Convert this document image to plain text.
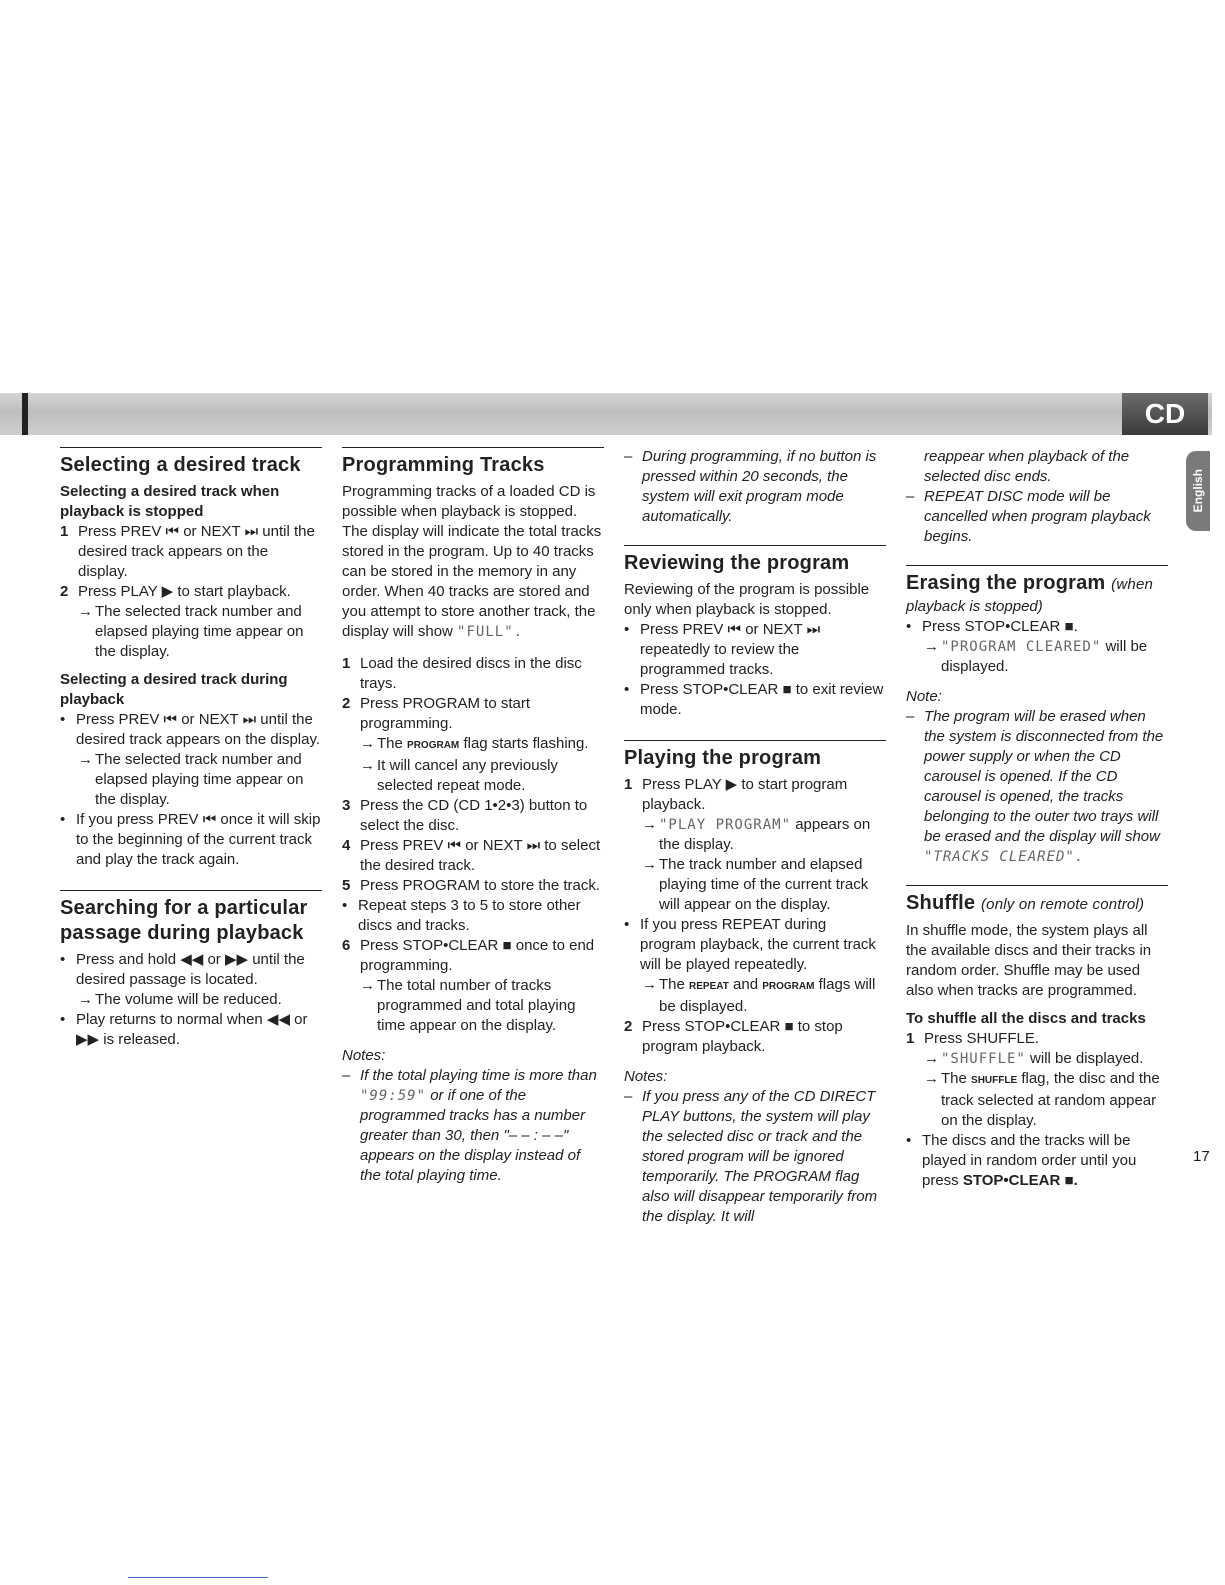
CD
English
Selecting a desired track
Selecting a desired track when playback is stopped
1 Press PREV ⏮ or NEXT ⏭ until the desired track appears on the display.
2 Press PLAY ▶ to start playback.
→ The selected track number and elapsed playing time appear on the display.
Selecting a desired track during playback
• Press PREV ⏮ or NEXT ⏭ until the desired track appears on the display.
→ The selected track number and elapsed playing time appear on the display.
• If you press PREV ⏮ once it will skip to the beginning of the current track and play the track again.
Searching for a particular passage during playback
• Press and hold ◀◀ or ▶▶ until the desired passage is located.
→ The volume will be reduced.
• Play returns to normal when ◀◀ or ▶▶ is released.
Programming Tracks

Programming tracks of a loaded CD is possible when playback is stopped. The display will indicate the total tracks stored in the program. Up to 40 tracks can be stored in the memory in any order. When 40 tracks are stored and you attempt to store another track, the display will show "FULL".

1 Load the desired discs in the disc trays.
2 Press PROGRAM to start programming.
→ The PROGRAM flag starts flashing.
→ It will cancel any previously selected repeat mode.
3 Press the CD (CD 1•2•3) button to select the disc.
4 Press PREV ⏮ or NEXT ⏭ to select the desired track.
5 Press PROGRAM to store the track.
• Repeat steps 3 to 5 to store other discs and tracks.
6 Press STOP•CLEAR ■ once to end programming.
→ The total number of tracks programmed and total playing time appear on the display.
Notes:
– If the total playing time is more than "99:59" or if one of the programmed tracks has a number greater than 30, then "– – : – –" appears on the display instead of the total playing time.
– During programming, if no button is pressed within 20 seconds, the system will exit program mode automatically.
Reviewing the program

Reviewing of the program is possible only when playback is stopped.

• Press PREV ⏮ or NEXT ⏭ repeatedly to review the programmed tracks.
• Press STOP•CLEAR ■ to exit review mode.
Playing the program
1 Press PLAY ▶ to start program playback.
→ "PLAY PROGRAM" appears on the display.
→ The track number and elapsed playing time of the current track will appear on the display.
• If you press REPEAT during program playback, the current track will be played repeatedly.
→ The REPEAT and PROGRAM flags will be displayed.
2 Press STOP•CLEAR ■ to stop program playback.
Notes:
– If you press any of the CD DIRECT PLAY buttons, the system will play the selected disc or track and the stored program will be ignored temporarily. The PROGRAM flag also will disappear temporarily from the display. It will
reappear when playback of the selected disc ends.
– REPEAT DISC mode will be cancelled when program playback begins.
Erasing the program (when

playback is stopped)

• Press STOP•CLEAR ■.
→ "PROGRAM CLEARED" will be displayed.
Note:
– The program will be erased when the system is disconnected from the power supply or when the CD carousel is opened. If the CD carousel is opened, the tracks belonging to the outer two trays will be erased and the display will show "TRACKS CLEARED".
Shuffle (only on remote control)

In shuffle mode, the system plays all the available discs and their tracks in random order. Shuffle may be used also when tracks are programmed.

To shuffle all the discs and tracks
1 Press SHUFFLE.
→ "SHUFFLE" will be displayed.
→ The SHUFFLE flag, the disc and the track selected at random appear on the display.
• The discs and the tracks will be played in random order until you press STOP•CLEAR ■.
17
